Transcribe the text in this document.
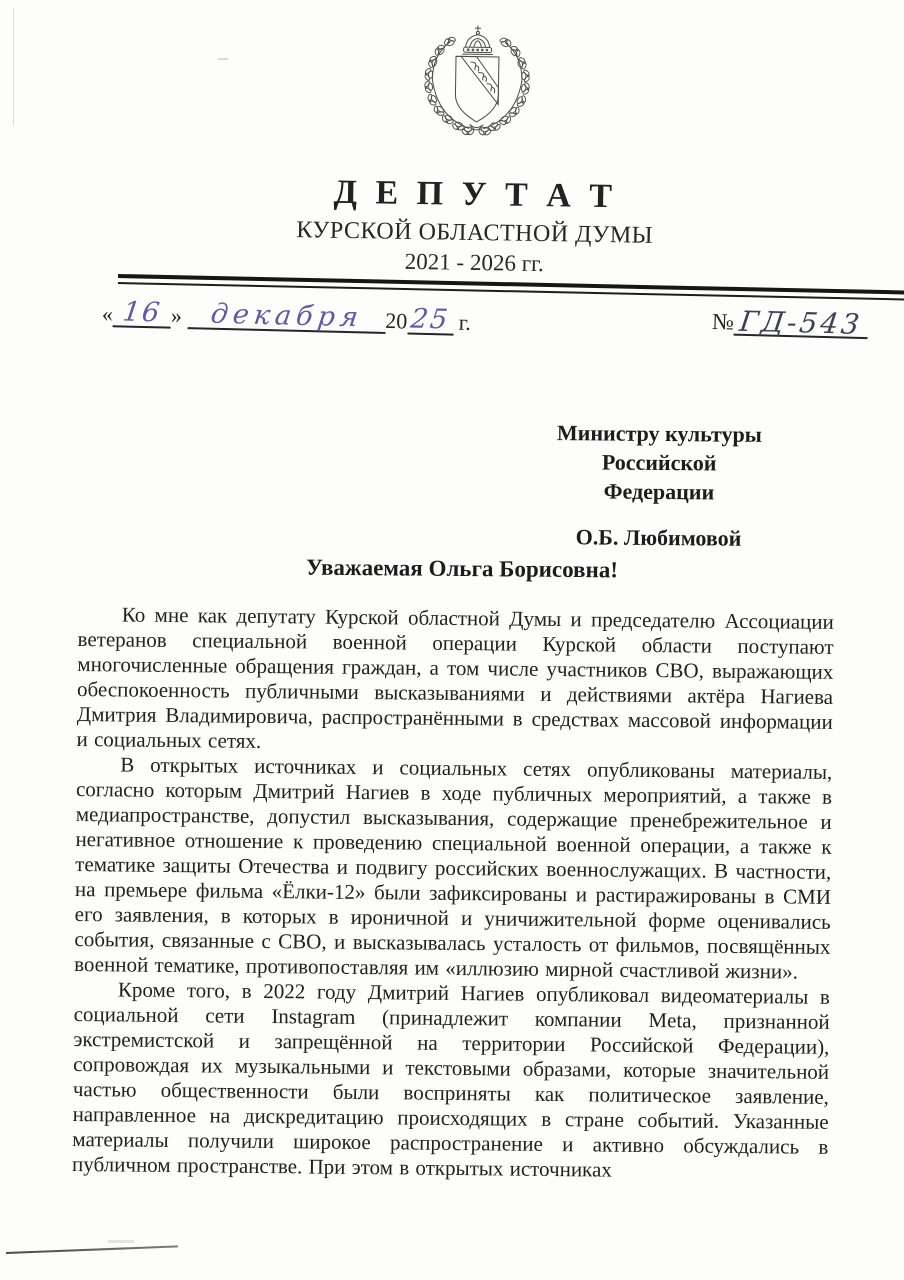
Д Е П У Т А Т
КУРСКОЙ ОБЛАСТНОЙ ДУМЫ
2021 - 2026 гг.
« 16 » декабря 2025 г.	№ ГД-543
Министру культуры
Российской Федерации
О.Б. Любимовой
Уважаемая Ольга Борисовна!

Ко мне как депутату Курской областной Думы и председателю Ассоциации ветеранов специальной военной операции Курской области поступают многочисленные обращения граждан, а том числе участников СВО, выражающих обеспокоенность публичными высказываниями и действиями актёра Нагиева Дмитрия Владимировича, распространёнными в средствах массовой информации и социальных сетях.

В открытых источниках и социальных сетях опубликованы материалы, согласно которым Дмитрий Нагиев в ходе публичных мероприятий, а также в медиапространстве, допустил высказывания, содержащие пренебрежительное и негативное отношение к проведению специальной военной операции, а также к тематике защиты Отечества и подвигу российских военнослужащих. В частности, на премьере фильма «Ёлки-12» были зафиксированы и растиражированы в СМИ его заявления, в которых в ироничной и уничижительной форме оценивались события, связанные с СВО, и высказывалась усталость от фильмов, посвящённых военной тематике, противопоставляя им «иллюзию мирной счастливой жизни».

Кроме того, в 2022 году Дмитрий Нагиев опубликовал видеоматериалы в социальной сети Instagram (принадлежит компании Meta, признанной экстремистской и запрещённой на территории Российской Федерации), сопровождая их музыкальными и текстовыми образами, которые значительной частью общественности были восприняты как политическое заявление, направленное на дискредитацию происходящих в стране событий. Указанные материалы получили широкое распространение и активно обсуждались в публичном пространстве. При этом в открытых источниках
